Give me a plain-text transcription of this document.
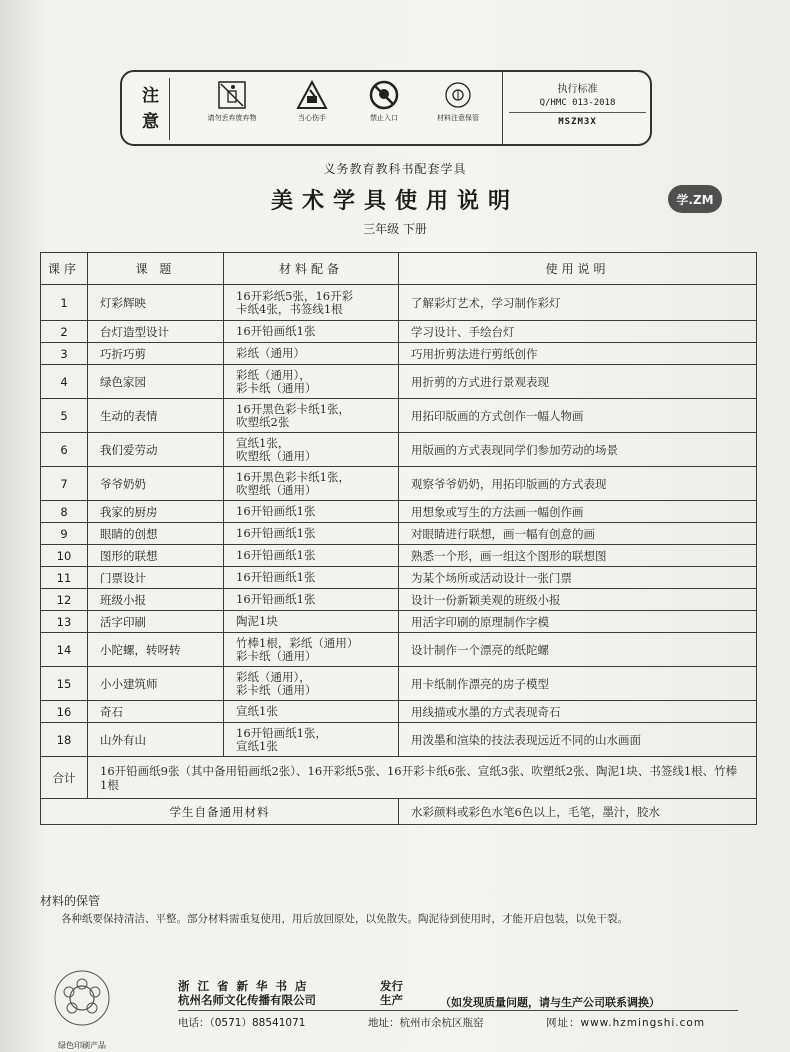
注
意	请勿丢弃废弃物	当心伤手	禁止入口	材料注意保管
执行标准
Q/HMC 013-2018
MSZM3X
义务教育教科书配套学具
美术学具使用说明
三年级 下册
学.ZM
课序	课 题	材料配备	使用说明
1	灯彩辉映	16开彩纸5张，16开彩
卡纸4张，书签线1根	了解彩灯艺术，学习制作彩灯
2	台灯造型设计	16开铅画纸1张	学习设计、手绘台灯
3	巧折巧剪	彩纸（通用）	巧用折剪法进行剪纸创作
4	绿色家园	彩纸（通用），
彩卡纸（通用）	用折剪的方式进行景观表现
5	生动的表情	16开黑色彩卡纸1张，
吹塑纸2张	用拓印版画的方式创作一幅人物画
6	我们爱劳动	宣纸1张，
吹塑纸（通用）	用版画的方式表现同学们参加劳动的场景
7	爷爷奶奶	16开黑色彩卡纸1张，
吹塑纸（通用）	观察爷爷奶奶，用拓印版画的方式表现
8	我家的厨房	16开铅画纸1张	用想象或写生的方法画一幅创作画
9	眼睛的创想	16开铅画纸1张	对眼睛进行联想，画一幅有创意的画
10	图形的联想	16开铅画纸1张	熟悉一个形，画一组这个图形的联想图
11	门票设计	16开铅画纸1张	为某个场所或活动设计一张门票
12	班级小报	16开铅画纸1张	设计一份新颖美观的班级小报
13	活字印刷	陶泥1块	用活字印刷的原理制作字模
14	小陀螺，转呀转	竹棒1根，彩纸（通用）
彩卡纸（通用）	设计制作一个漂亮的纸陀螺
15	小小建筑师	彩纸（通用），
彩卡纸（通用）	用卡纸制作漂亮的房子模型
16	奇石	宣纸1张	用线描或水墨的方式表现奇石
18	山外有山	16开铅画纸1张，
宣纸1张	用泼墨和渲染的技法表现远近不同的山水画面
合计	16开铅画纸9张（其中备用铅画纸2张）、16开彩纸5张、16开彩卡纸6张、宣纸3张、吹塑纸2张、陶泥1块、书签线1根、竹棒1根		
学生自备通用材料			水彩颜料或彩色水笔6色以上，毛笔，墨汁，胶水
材料的保管
各种纸要保持清洁、平整。部分材料需重复使用，用后放回原处，以免散失。陶泥待到使用时，才能开启包装，以免干裂。
绿色印刷产品
浙 江 省 新 华 书 店
杭州名师文化传播有限公司
发行
生产	（如发现质量问题，请与生产公司联系调换）
电话：（0571）88541071	地址：杭州市余杭区瓶窑	网址：www.hzmingshi.com
